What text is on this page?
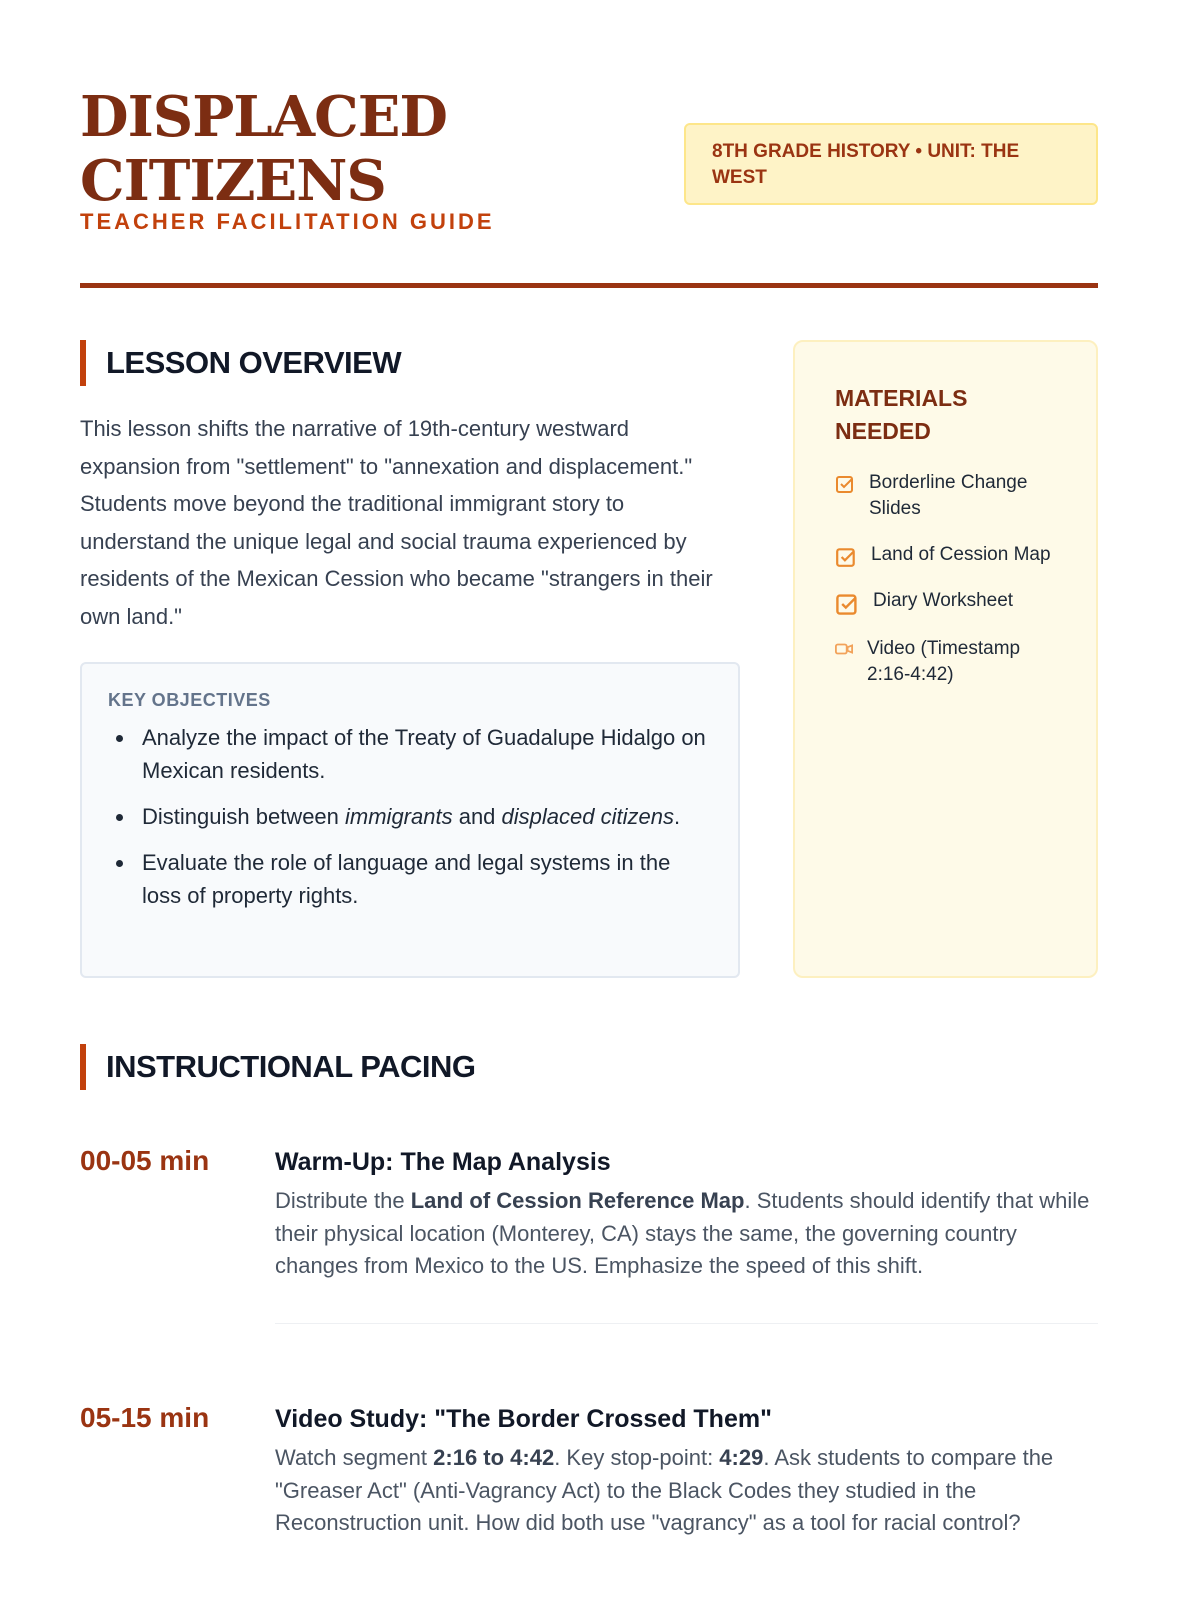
DISPLACED CITIZENS
TEACHER FACILITATION GUIDE
8TH GRADE HISTORY • UNIT: THE WEST
LESSON OVERVIEW

This lesson shifts the narrative of 19th-century westward expansion from "settlement" to "annexation and displacement." Students move beyond the traditional immigrant story to understand the unique legal and social trauma experienced by residents of the Mexican Cession who became "strangers in their own land."

KEY OBJECTIVES
Analyze the impact of the Treaty of Guadalupe Hidalgo on Mexican residents.
Distinguish between immigrants and displaced citizens.
Evaluate the role of language and legal systems in the loss of property rights.
MATERIALS NEEDED
Borderline Change Slides
Land of Cession Map
Diary Worksheet
Video (Timestamp 2:16-4:42)
INSTRUCTIONAL PACING
00-05 min	Warm-Up: The Map Analysis

Distribute the Land of Cession Reference Map. Students should identify that while their physical location (Monterey, CA) stays the same, the governing country changes from Mexico to the US. Emphasize the speed of this shift.

05-15 min	Video Study: "The Border Crossed Them"

Watch segment 2:16 to 4:42. Key stop-point: 4:29. Ask students to compare the "Greaser Act" (Anti-Vagrancy Act) to the Black Codes they studied in the Reconstruction unit. How did both use "vagrancy" as a tool for racial control?
